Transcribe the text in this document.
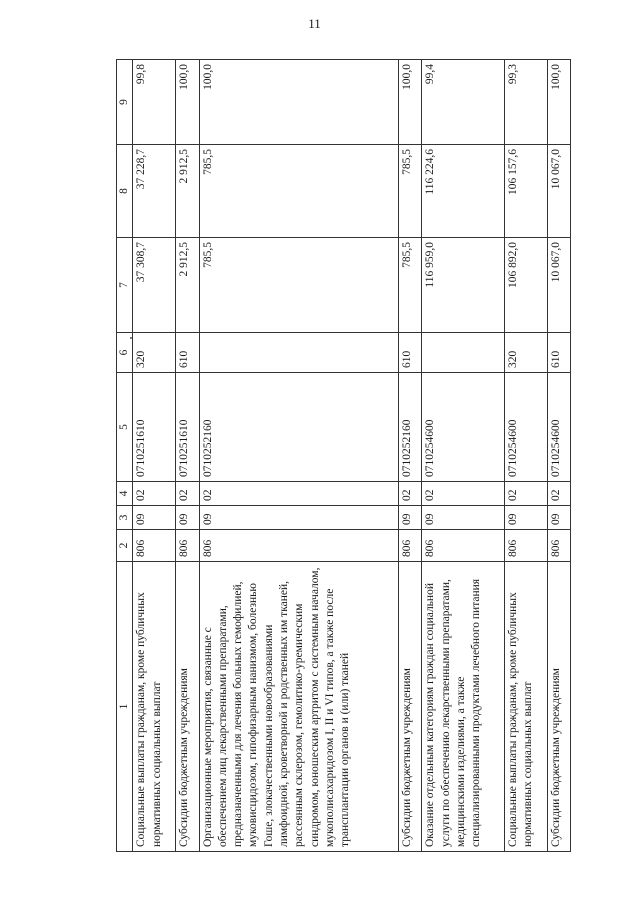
11
1	2	3	4	5	6	7	8	9
Социальные выплаты гражданам, кроме публичных нормативных социальных выплат	806	09	02	0710251610	320	37 308,7	37 228,7	99,8
Субсидии бюджетным учреждениям	806	09	02	0710251610	610	2 912,5	2 912,5	100,0
Организационные мероприятия, связанные с обеспечением лиц лекарственными препаратами, предназначенными для лечения больных гемофилией, муковисцидозом, гипофизарным нанизмом, болезнью Гоше, злокачественными новообразованиями лимфоидной, кроветворной и родственных им тканей, рассеянным склерозом, гемолитико-уремическим синдромом, юношеским артритом с системным началом, мукополисахаридозом I, II и VI типов, а также после трансплантации органов и (или) тканей	806	09	02	0710252160		785,5	785,5	100,0
Субсидии бюджетным учреждениям	806	09	02	0710252160	610	785,5	785,5	100,0
Оказание отдельным категориям граждан социальной услуги по обеспечению лекарственными препаратами, медицинскими изделиями, а также специализированными продуктами лечебного питания	806	09	02	0710254600		116 959,0	116 224,6	99,4
Социальные выплаты гражданам, кроме публичных нормативных социальных выплат	806	09	02	0710254600	320	106 892,0	106 157,6	99,3
Субсидии бюджетным учреждениям	806	09	02	0710254600	610	10 067,0	10 067,0	100,0
